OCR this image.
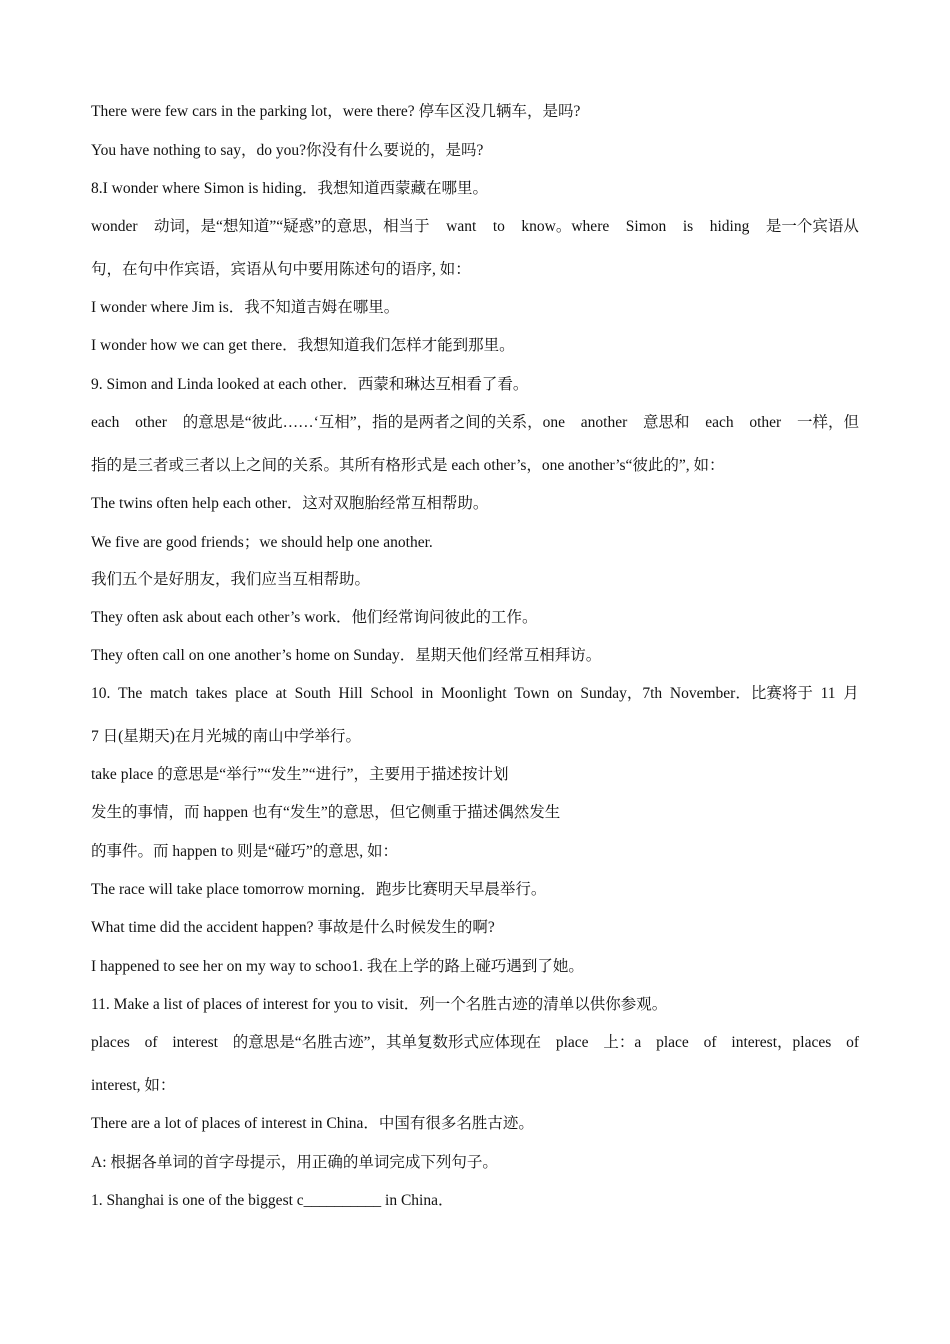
There were few cars in the parking lot，were there? 停车区没几辆车，是吗?
You have nothing to say，do you?你没有什么要说的，是吗?
8.I wonder where Simon is hiding．我想知道西蒙藏在哪里。
wonder 动词，是“想知道”“疑惑”的意思，相当于 want to know。where Simon is hiding 是一个宾语从
句，在句中作宾语，宾语从句中要用陈述句的语序, 如：
I wonder where Jim is．我不知道吉姆在哪里。
I wonder how we can get there．我想知道我们怎样才能到那里。
9. Simon and Linda looked at each other．西蒙和琳达互相看了看。
each other 的意思是“彼此……‘互相”，指的是两者之间的关系，one another 意思和 each other 一样，但
指的是三者或三者以上之间的关系。其所有格形式是 each other’s，one another’s“彼此的”, 如：
The twins often help each other．这对双胞胎经常互相帮助。
We five are good friends；we should help one another.
我们五个是好朋友，我们应当互相帮助。
They often ask about each other’s work．他们经常询问彼此的工作。
They often call on one another’s home on Sunday．星期天他们经常互相拜访。
10. The match takes place at South Hill School in Moonlight Town on Sunday，7th November．比赛将于 11 月
7 日(星期天)在月光城的南山中学举行。
take place 的意思是“举行”“发生”“进行”，主要用于描述按计划
发生的事情，而 happen 也有“发生”的意思，但它侧重于描述偶然发生
的事件。而 happen to 则是“碰巧”的意思, 如：
The race will take place tomorrow morning．跑步比赛明天早晨举行。
What time did the accident happen? 事故是什么时候发生的啊?
I happened to see her on my way to schoo1. 我在上学的路上碰巧遇到了她。
11. Make a list of places of interest for you to visit．列一个名胜古迹的清单以供你参观。
places of interest 的意思是“名胜古迹”，其单复数形式应体现在 place 上：a place of interest，places of
interest, 如：
There are a lot of places of interest in China．中国有很多名胜古迹。
A: 根据各单词的首字母提示，用正确的单词完成下列句子。
1. Shanghai is one of the biggest c__________ in China．
